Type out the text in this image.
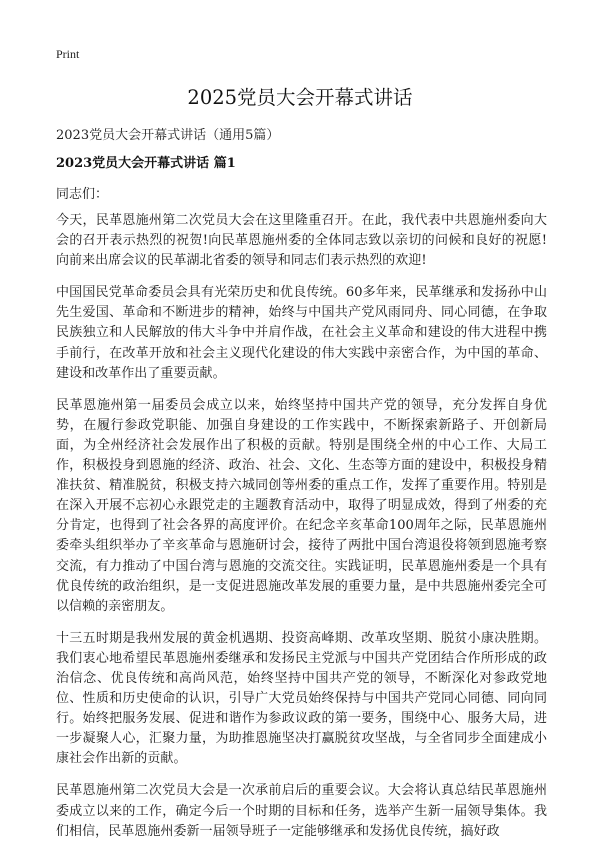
Print
2025党员大会开幕式讲话

2023党员大会开幕式讲话（通用5篇）

2023党员大会开幕式讲话 篇1

同志们：

今天，民革恩施州第二次党员大会在这里隆重召开。在此，我代表中共恩施州委向大会的召开表示热烈的祝贺!向民革恩施州委的全体同志致以亲切的问候和良好的祝愿!向前来出席会议的民革湖北省委的领导和同志们表示热烈的欢迎!

中国国民党革命委员会具有光荣历史和优良传统。60多年来，民革继承和发扬孙中山先生爱国、革命和不断进步的精神，始终与中国共产党风雨同舟、同心同德，在争取民族独立和人民解放的伟大斗争中并肩作战，在社会主义革命和建设的伟大进程中携手前行，在改革开放和社会主义现代化建设的伟大实践中亲密合作，为中国的革命、建设和改革作出了重要贡献。

民革恩施州第一届委员会成立以来，始终坚持中国共产党的领导，充分发挥自身优势，在履行参政党职能、加强自身建设的工作实践中，不断探索新路子、开创新局面，为全州经济社会发展作出了积极的贡献。特别是围绕全州的中心工作、大局工作，积极投身到恩施的经济、政治、社会、文化、生态等方面的建设中，积极投身精准扶贫、精准脱贫，积极支持六城同创等州委的重点工作，发挥了重要作用。特别是在深入开展不忘初心永跟党走的主题教育活动中，取得了明显成效，得到了州委的充分肯定，也得到了社会各界的高度评价。在纪念辛亥革命100周年之际，民革恩施州委牵头组织举办了辛亥革命与恩施研讨会，接待了两批中国台湾退役将领到恩施考察交流，有力推动了中国台湾与恩施的交流交往。实践证明，民革恩施州委是一个具有优良传统的政治组织，是一支促进恩施改革发展的重要力量，是中共恩施州委完全可以信赖的亲密朋友。

十三五时期是我州发展的黄金机遇期、投资高峰期、改革攻坚期、脱贫小康决胜期。我们衷心地希望民革恩施州委继承和发扬民主党派与中国共产党团结合作所形成的政治信念、优良传统和高尚风范，始终坚持中国共产党的领导，不断深化对参政党地位、性质和历史使命的认识，引导广大党员始终保持与中国共产党同心同德、同向同行。始终把服务发展、促进和谐作为参政议政的第一要务，围绕中心、服务大局，进一步凝聚人心，汇聚力量，为助推恩施坚决打赢脱贫攻坚战，与全省同步全面建成小康社会作出新的贡献。

民革恩施州第二次党员大会是一次承前启后的重要会议。大会将认真总结民革恩施州委成立以来的工作，确定今后一个时期的目标和任务，选举产生新一届领导集体。我们相信，民革恩施州委新一届领导班子一定能够继承和发扬优良传统，搞好政
